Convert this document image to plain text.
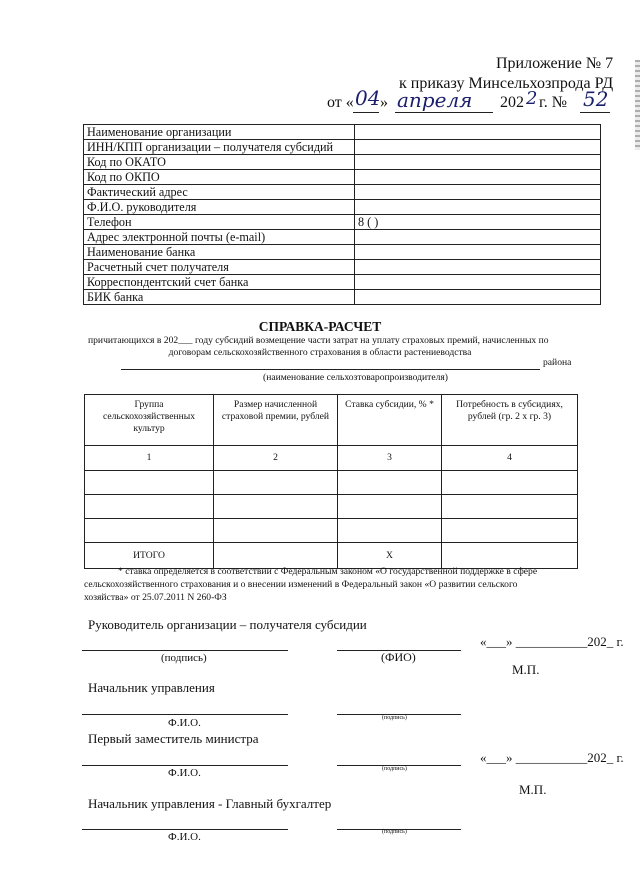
Приложение № 7
к приказу Минсельхозпрода РД
от « 04 » апреля 202 2 г. № 52
Наименование организации	
ИНН/КПП организации – получателя субсидий	
Код по ОКАТО	
Код по ОКПО	
Фактический адрес	
Ф.И.О. руководителя	
Телефон	8 ( )
Адрес электронной почты (e-mail)	
Наименование банка	
Расчетный счет получателя	
Корреспондентский счет банка	
БИК банка	
СПРАВКА-РАСЧЕТ
причитающихся в 202___ году субсидий возмещение части затрат на уплату страховых премий, начисленных по
договорам сельскохозяйственного страхования в области растениеводства
района
(наименование сельхозтоваропроизводителя)
Группа сельскохозяйственных культур	Размер начисленной страховой премии, рублей	Ставка субсидии, % *	Потребность в субсидиях, рублей (гр. 2 х гр. 3)
1	2	3	4

ИТОГО		Х	
* ставка определяется в соответствии с Федеральным законом «О государственной поддержке в сфере
сельскохозяйственного страхования и о внесении изменений в Федеральный закон «О развитии сельского
хозяйства» от 25.07.2011 N 260-ФЗ
Руководитель организации – получателя субсидии
«___» ___________202_ г.
(подпись)	(ФИО)
М.П.
Начальник управления
Ф.И.О.	(подпись)
Первый заместитель министра
«___» ___________202_ г.
Ф.И.О.	(подпись)
М.П.
Начальник управления - Главный бухгалтер
Ф.И.О.	(подпись)
